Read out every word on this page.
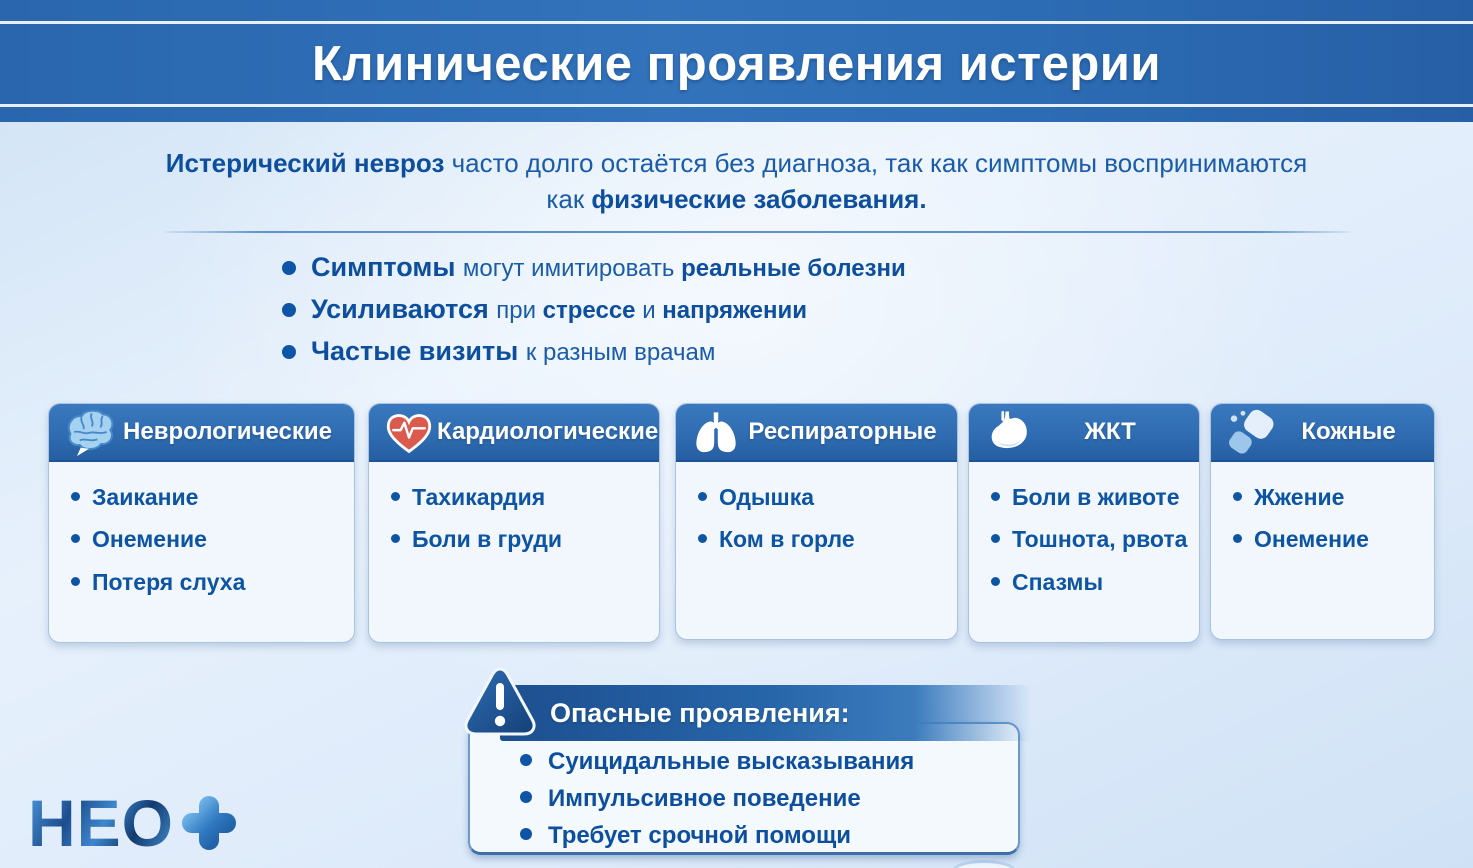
Клинические проявления истерии

Истерический невроз часто долго остаётся без диагноза, так как симптомы воспринимаются как физические заболевания.

Симптомы могут имитировать реальные болезни
Усиливаются при стрессе и напряжении
Частые визиты к разным врачам
Неврологические
Заикание
Онемение
Потеря слуха
Кардиологические
Тахикардия
Боли в груди
Респираторные
Одышка
Ком в горле
ЖКТ
Боли в животе
Тошнота, рвота
Спазмы
Кожные
Жжение
Онемение
Опасные проявления:
Суицидальные высказывания
Импульсивное поведение
Требует срочной помощи
НЕО
